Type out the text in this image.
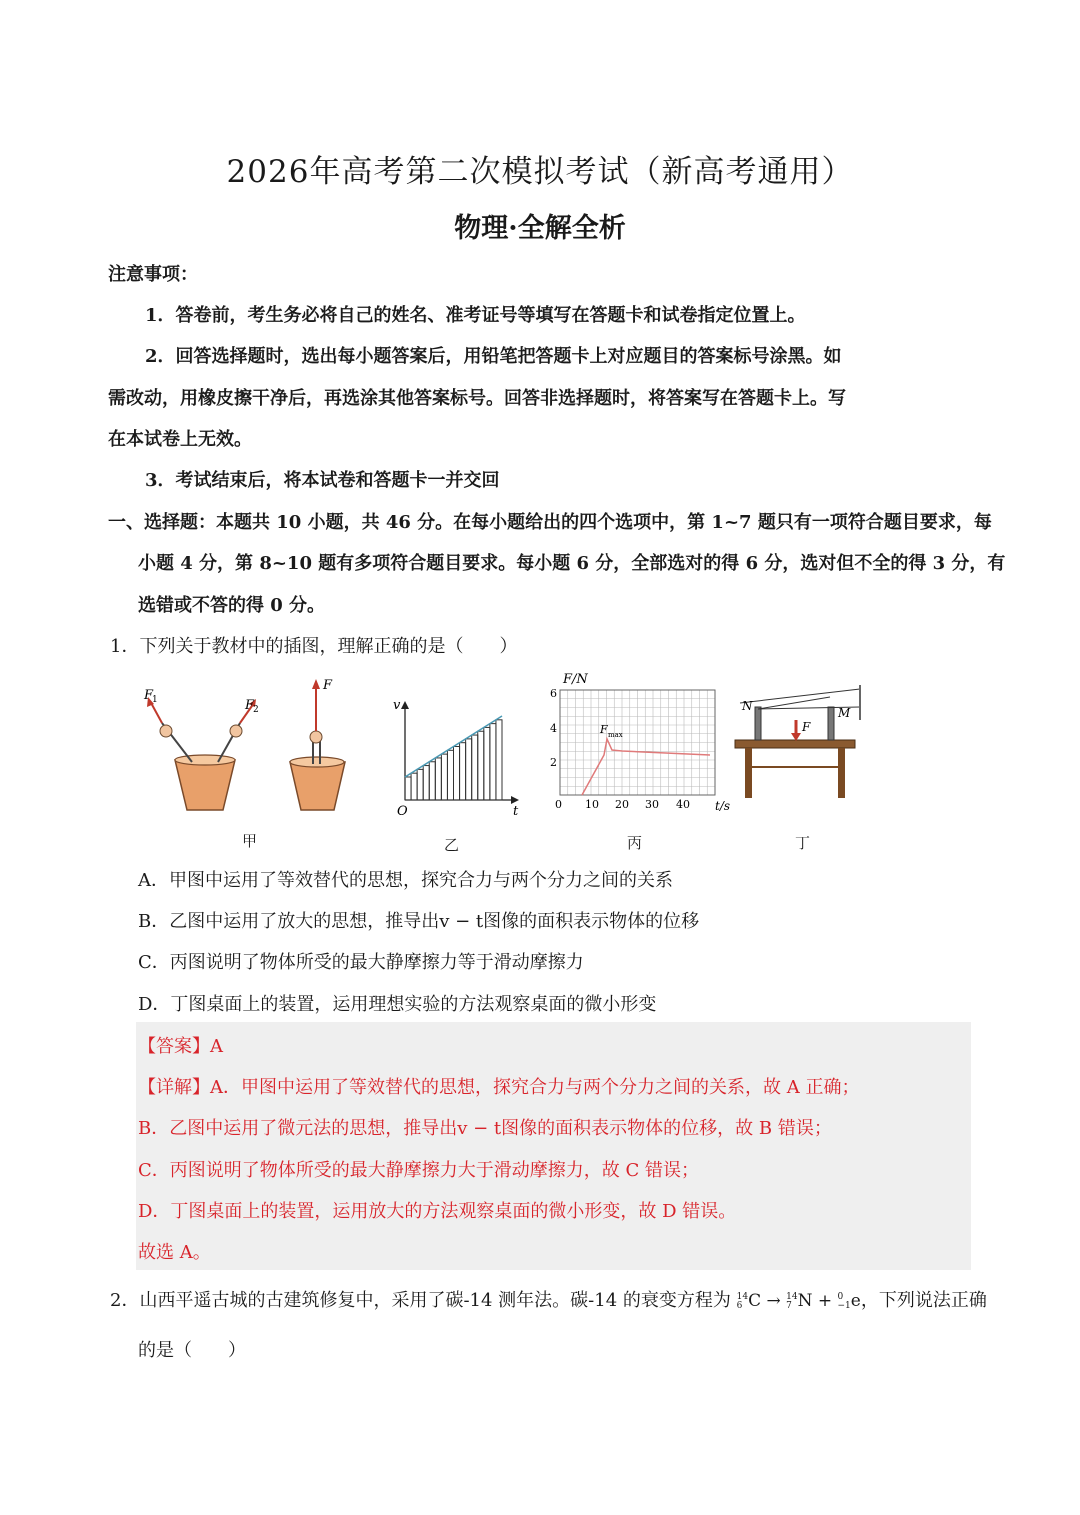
2026年高考第二次模拟考试（新高考通用）
物理·全解全析
注意事项：
1．答卷前，考生务必将自己的姓名、准考证号等填写在答题卡和试卷指定位置上。
2．回答选择题时，选出每小题答案后，用铅笔把答题卡上对应题目的答案标号涂黑。如
需改动，用橡皮擦干净后，再选涂其他答案标号。回答非选择题时，将答案写在答题卡上。写
在本试卷上无效。
3．考试结束后，将本试卷和答题卡一并交回
一、选择题：本题共 10 小题，共 46 分。在每小题给出的四个选项中，第 1~7 题只有一项符合题目要求，每
小题 4 分，第 8~10 题有多项符合题目要求。每小题 6 分，全部选对的得 6 分，选对但不全的得 3 分，有
选错或不答的得 0 分。
1．下列关于教材中的插图，理解正确的是（　　）
F
1	F
2
F
v
O	t
F/N
6
4
2
0 10 20 30 40 t/s
F max
N	M
F
甲	乙	丙	丁
A．甲图中运用了等效替代的思想，探究合力与两个分力之间的关系
B．乙图中运用了放大的思想，推导出v − t图像的面积表示物体的位移
C．丙图说明了物体所受的最大静摩擦力等于滑动摩擦力
D．丁图桌面上的装置，运用理想实验的方法观察桌面的微小形变
【答案】A
【详解】A．甲图中运用了等效替代的思想，探究合力与两个分力之间的关系，故 A 正确；
B．乙图中运用了微元法的思想，推导出v − t图像的面积表示物体的位移，故 B 错误；
C．丙图说明了物体所受的最大静摩擦力大于滑动摩擦力，故 C 错误；
D．丁图桌面上的装置，运用放大的方法观察桌面的微小形变，故 D 错误。
故选 A。
2．山西平遥古城的古建筑修复中，采用了碳-14 测年法。碳-14 的衰变方程为 14
6 C → 14
7 N + 0
−1 e，下列说法正确
的是（　　）
